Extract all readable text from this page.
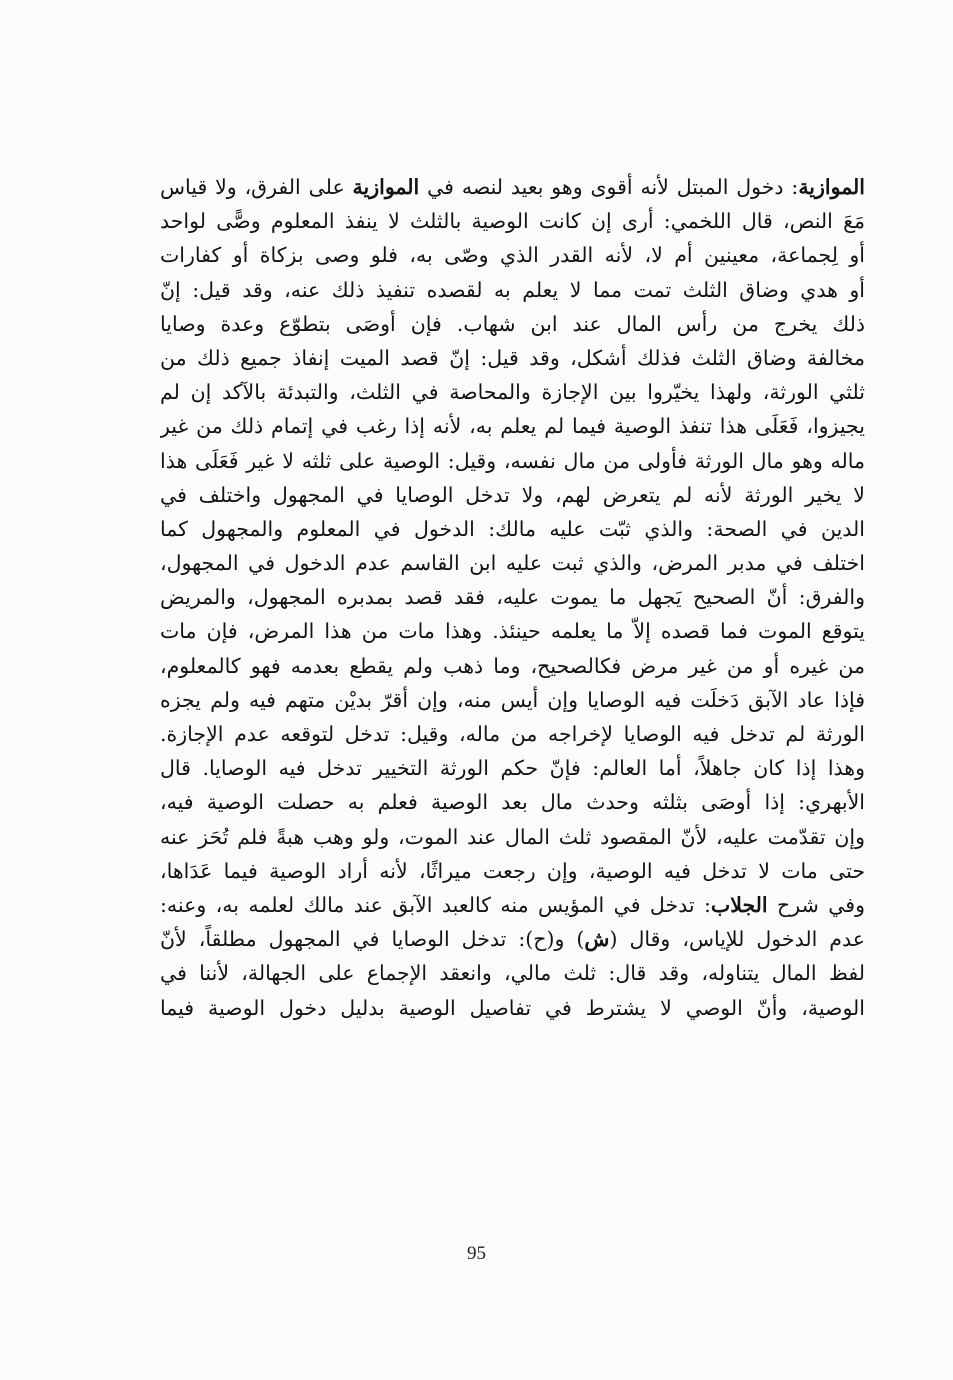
الموازية: دخول المبتل لأنه أقوى وهو بعيد لنصه في الموازية على الفرق، ولا قياس
مَعَ النص، قال اللخمي: أرى إن كانت الوصية بالثلث لا ينفذ المعلوم وصًّى لواحد
أو لِجماعة، معينين أم لا، لأنه القدر الذي وصّى به، فلو وصى بزكاة أو كفارات
أو هدي وضاق الثلث تمت مما لا يعلم به لقصده تنفيذ ذلك عنه، وقد قيل: إنّ
ذلك يخرج من رأس المال عند ابن شهاب. فإن أوصَى بتطوّع وعدة وصايا
مخالفة وضاق الثلث فذلك أشكل، وقد قيل: إنّ قصد الميت إنفاذ جميع ذلك من
ثلثي الورثة، ولهذا يخيّروا بين الإجازة والمحاصة في الثلث، والتبدئة بالآكد إن لم
يجيزوا، فَعَلَى هذا تنفذ الوصية فيما لم يعلم به، لأنه إذا رغب في إتمام ذلك من غير
ماله وهو مال الورثة فأولى من مال نفسه، وقيل: الوصية على ثلثه لا غير فَعَلَى هذا
لا يخير الورثة لأنه لم يتعرض لهم، ولا تدخل الوصايا في المجهول واختلف في
الدين في الصحة: والذي ثبّت عليه مالك: الدخول في المعلوم والمجهول كما
اختلف في مدبر المرض، والذي ثبت عليه ابن القاسم عدم الدخول في المجهول،
والفرق: أنّ الصحيح يَجهل ما يموت عليه، فقد قصد بمدبره المجهول، والمريض
يتوقع الموت فما قصده إلاّ ما يعلمه حينئذ. وهذا مات من هذا المرض، فإن مات
من غيره أو من غير مرض فكالصحيح، وما ذهب ولم يقطع بعدمه فهو كالمعلوم،
فإذا عاد الآبق دَخلَت فيه الوصايا وإن أيس منه، وإن أقرّ بديْن متهم فيه ولم يجزه
الورثة لم تدخل فيه الوصايا لإخراجه من ماله، وقيل: تدخل لتوقعه عدم الإجازة.
وهذا إذا كان جاهلاً، أما العالم: فإنّ حكم الورثة التخيير تدخل فيه الوصايا. قال
الأبهري: إذا أوصَى بثلثه وحدث مال بعد الوصية فعلم به حصلت الوصية فيه،
وإن تقدّمت عليه، لأنّ المقصود ثلث المال عند الموت، ولو وهب هبةً فلم تُحَز عنه
حتى مات لا تدخل فيه الوصية، وإن رجعت ميراثًا، لأنه أراد الوصية فيما عَدَاها،
وفي شرح الجلاب: تدخل في المؤيس منه كالعبد الآبق عند مالك لعلمه به، وعنه:
عدم الدخول للإياس، وقال (ش) و(ح): تدخل الوصايا في المجهول مطلقاً، لأنّ
لفظ المال يتناوله، وقد قال: ثلث مالي، وانعقد الإجماع على الجهالة، لأننا في
الوصية، وأنّ الوصي لا يشترط في تفاصيل الوصية بدليل دخول الوصية فيما
95
